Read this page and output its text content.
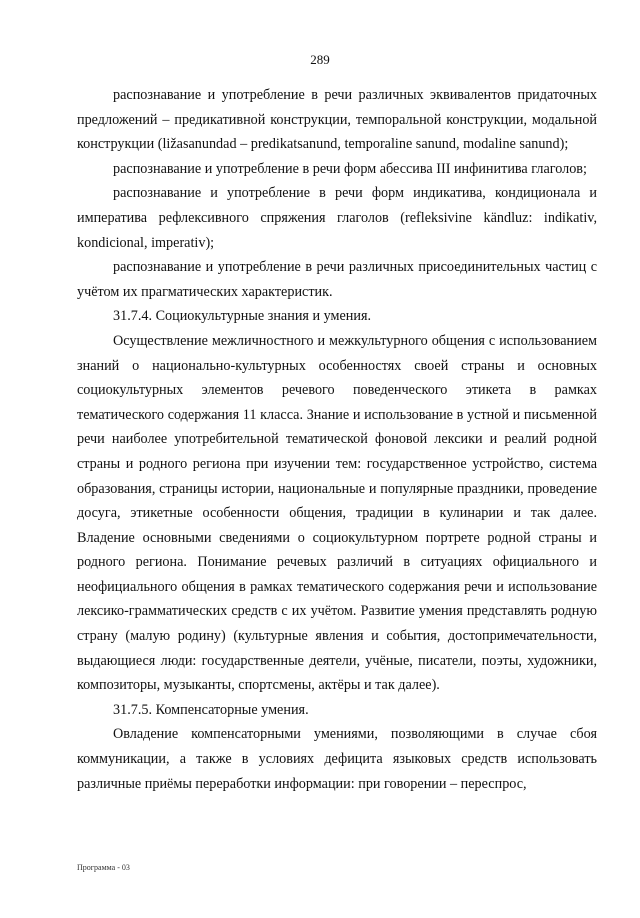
289

распознавание и употребление в речи различных эквивалентов придаточных предложений – предикативной конструкции, темпоральной конструкции, модальной конструкции (ližasanundad – predikatsanund, temporaline sanund, modaline sanund);

распознавание и употребление в речи форм абессива III инфинитива глаголов;

распознавание и употребление в речи форм индикатива, кондиционала и императива рефлексивного спряжения глаголов (refleksivine kändluz: indikativ, kondicional, imperativ);

распознавание и употребление в речи различных присоединительных частиц с учётом их прагматических характеристик.

31.7.4. Социокультурные знания и умения.

Осуществление межличностного и межкультурного общения с использованием знаний о национально-культурных особенностях своей страны и основных социокультурных элементов речевого поведенческого этикета в рамках тематического содержания 11 класса. Знание и использование в устной и письменной речи наиболее употребительной тематической фоновой лексики и реалий родной страны и родного региона при изучении тем: государственное устройство, система образования, страницы истории, национальные и популярные праздники, проведение досуга, этикетные особенности общения, традиции в кулинарии и так далее. Владение основными сведениями о социокультурном портрете родной страны и родного региона. Понимание речевых различий в ситуациях официального и неофициального общения в рамках тематического содержания речи и использование лексико-грамматических средств с их учётом. Развитие умения представлять родную страну (малую родину) (культурные явления и события, достопримечательности, выдающиеся люди: государственные деятели, учёные, писатели, поэты, художники, композиторы, музыканты, спортсмены, актёры и так далее).

31.7.5. Компенсаторные умения.

Овладение компенсаторными умениями, позволяющими в случае сбоя коммуникации, а также в условиях дефицита языковых средств использовать различные приёмы переработки информации: при говорении – переспрос,

Программа - 03
